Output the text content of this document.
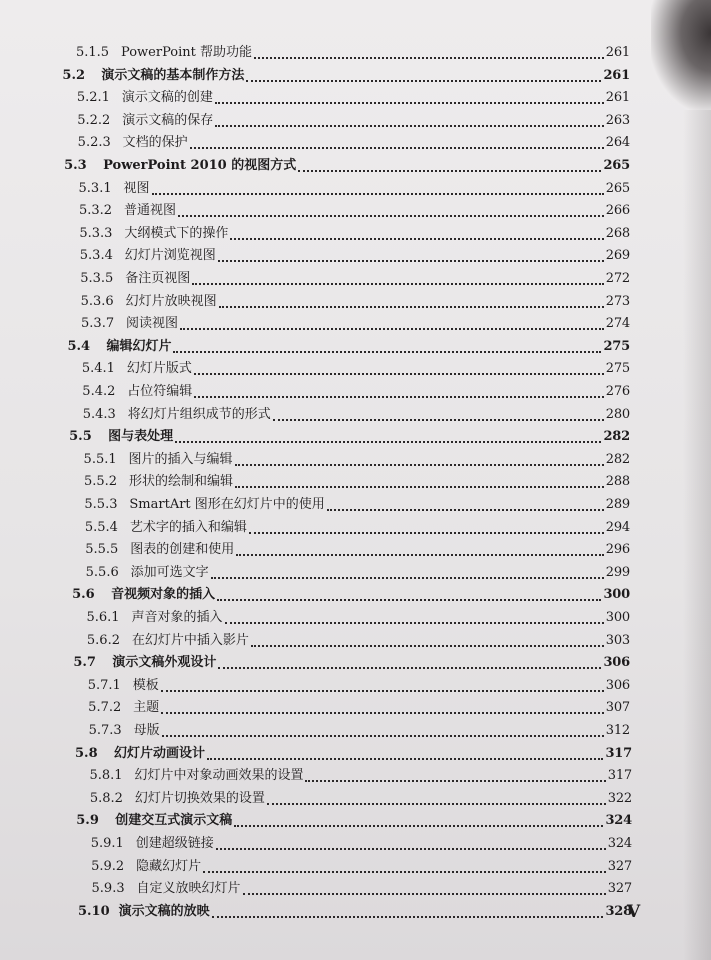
5.1.5 PowerPoint 帮助功能	261
5.2	演示文稿的基本制作方法	261
5.2.1 演示文稿的创建	261
5.2.2 演示文稿的保存	263
5.2.3 文档的保护	264
5.3	PowerPoint 2010 的视图方式	265
5.3.1 视图	265
5.3.2 普通视图	266
5.3.3 大纲模式下的操作	268
5.3.4 幻灯片浏览视图	269
5.3.5 备注页视图	272
5.3.6 幻灯片放映视图	273
5.3.7 阅读视图	274
5.4	编辑幻灯片	275
5.4.1 幻灯片版式	275
5.4.2 占位符编辑	276
5.4.3 将幻灯片组织成节的形式	280
5.5	图与表处理	282
5.5.1 图片的插入与编辑	282
5.5.2 形状的绘制和编辑	288
5.5.3 SmartArt 图形在幻灯片中的使用	289
5.5.4 艺术字的插入和编辑	294
5.5.5 图表的创建和使用	296
5.5.6 添加可选文字	299
5.6	音视频对象的插入	300
5.6.1 声音对象的插入	300
5.6.2 在幻灯片中插入影片	303
5.7	演示文稿外观设计	306
5.7.1 模板	306
5.7.2 主题	307
5.7.3 母版	312
5.8	幻灯片动画设计	317
5.8.1 幻灯片中对象动画效果的设置	317
5.8.2 幻灯片切换效果的设置	322
5.9	创建交互式演示文稿	324
5.9.1 创建超级链接	324
5.9.2 隐藏幻灯片	327
5.9.3 自定义放映幻灯片	327
5.10 演示文稿的放映	328
V
